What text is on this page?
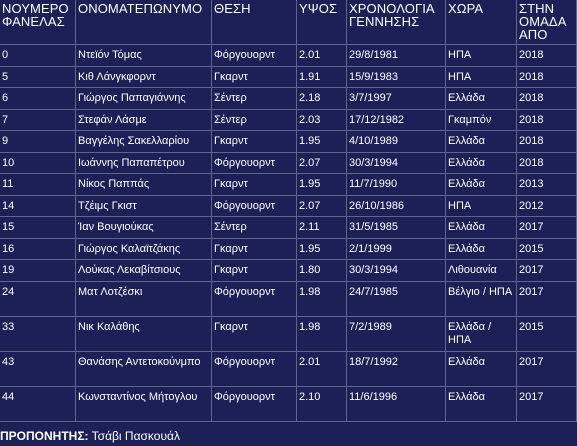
ΝΟΥΜΕΡΟ ΦΑΝΕΛΑΣ	ΟΝΟΜΑΤΕΠΩΝΥΜΟ	ΘΕΣΗ	ΥΨΟΣ	ΧΡΟΝΟΛΟΓΙΑ ΓΕΝΝΗΣΗΣ	ΧΩΡΑ	ΣΤΗΝ ΟΜΑΔΑ ΑΠΟ
0	Ντεϊόν Τόμας	Φόργουορντ	2.01	29/8/1981	ΗΠΑ	2018
5	Κιθ Λάνγκφορντ	Γκαρντ	1.91	15/9/1983	ΗΠΑ	2018
6	Γιώργος Παπαγιάννης	Σέντερ	2.18	3/7/1997	Ελλάδα	2018
7	Στεφάν Λάσμε	Σέντερ	2.03	17/12/1982	Γκαμπόν	2018
9	Βαγγέλης Σακελλαρίου	Γκαρντ	1.95	4/10/1989	Ελλάδα	2018
10	Ιωάννης Παπαπέτρου	Φόργουορντ	2.07	30/3/1994	Ελλάδα	2018
11	Νίκος Παππάς	Γκαρντ	1.95	11/7/1990	Ελλάδα	2013
14	Τζέιμς Γκιστ	Φόργουορντ	2.07	26/10/1986	ΗΠΑ	2012
15	Ίαν Βουγιούκας	Σέντερ	2.11	31/5/1985	Ελλάδα	2017
16	Γιώργος Καλαϊτζάκης	Γκαρντ	1.95	2/1/1999	Ελλάδα	2015
19	Λούκας Λεκαβίτσιους	Γκαρντ	1.80	30/3/1994	Λιθουανία	2017
24	Ματ Λοτζέσκι	Φόργουορντ	1.98	24/7/1985	Βέλγιο / ΗΠΑ	2017
33	Νικ Καλάθης	Γκαρντ	1.98	7/2/1989	Ελλάδα / ΗΠΑ	2015
43	Θανάσης Αντετοκούνμπο	Φόργουορντ	2.01	18/7/1992	Ελλάδα	2017
44	Κωνσταντίνος Μήτογλου	Φόργουορντ	2.10	11/6/1996	Ελλάδα	2017
ΠΡΟΠΟΝΗΤΗΣ: Τσάβι Πασκουάλ
